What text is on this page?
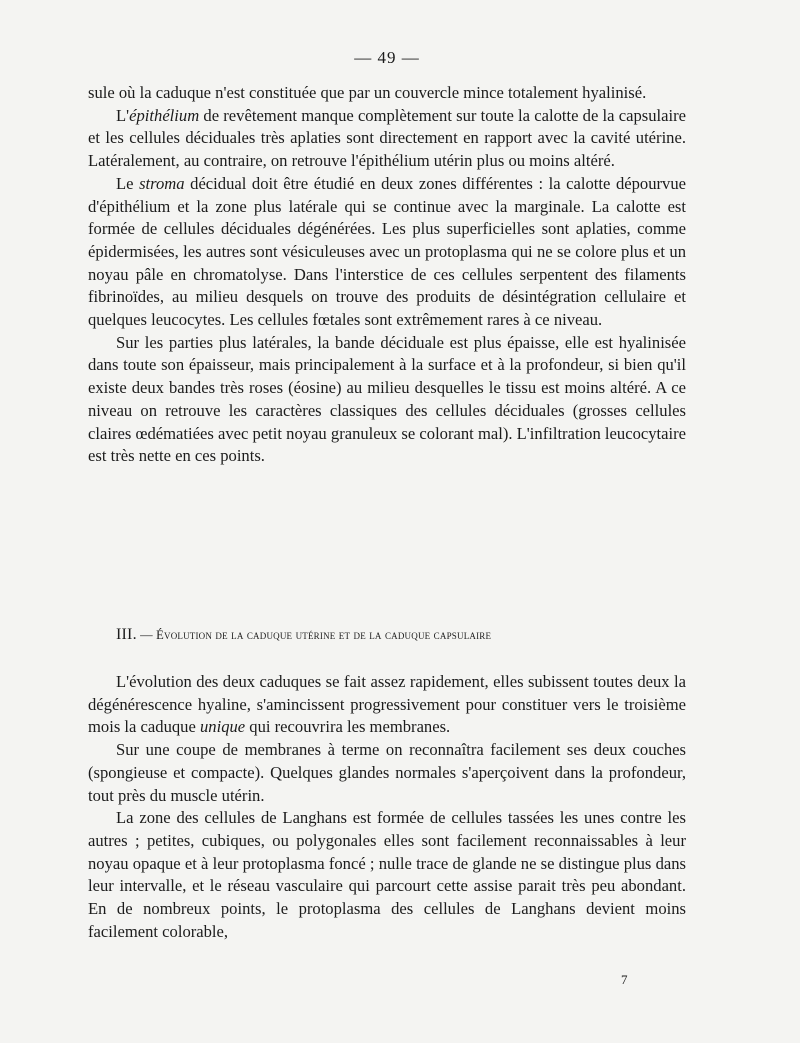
— 49 —

sule où la caduque n'est constituée que par un couvercle mince totalement hyalinisé.

L'épithélium de revêtement manque complètement sur toute la calotte de la capsulaire et les cellules déciduales très aplaties sont directement en rapport avec la cavité utérine. Latéralement, au contraire, on retrouve l'épithélium utérin plus ou moins altéré.

Le stroma décidual doit être étudié en deux zones différentes : la calotte dépourvue d'épithélium et la zone plus latérale qui se continue avec la marginale. La calotte est formée de cellules déciduales dégénérées. Les plus superficielles sont aplaties, comme épidermisées, les autres sont vésiculeuses avec un protoplasma qui ne se colore plus et un noyau pâle en chromatolyse. Dans l'interstice de ces cellules serpentent des filaments fibrinoïdes, au milieu desquels on trouve des produits de désintégration cellulaire et quelques leucocytes. Les cellules fœtales sont extrêmement rares à ce niveau.

Sur les parties plus latérales, la bande déciduale est plus épaisse, elle est hyalinisée dans toute son épaisseur, mais principalement à la surface et à la profondeur, si bien qu'il existe deux bandes très roses (éosine) au milieu desquelles le tissu est moins altéré. A ce niveau on retrouve les caractères classiques des cellules déciduales (grosses cellules claires œdématiées avec petit noyau granuleux se colorant mal). L'infiltration leucocytaire est très nette en ces points.

III. — Évolution de la caduque utérine et de la caduque capsulaire

L'évolution des deux caduques se fait assez rapidement, elles subissent toutes deux la dégénérescence hyaline, s'amincissent progressivement pour constituer vers le troisième mois la caduque unique qui recouvrira les membranes.

Sur une coupe de membranes à terme on reconnaîtra facilement ses deux couches (spongieuse et compacte). Quelques glandes normales s'aperçoivent dans la profondeur, tout près du muscle utérin.

La zone des cellules de Langhans est formée de cellules tassées les unes contre les autres ; petites, cubiques, ou polygonales elles sont facilement reconnaissables à leur noyau opaque et à leur protoplasma foncé ; nulle trace de glande ne se distingue plus dans leur intervalle, et le réseau vasculaire qui parcourt cette assise parait très peu abondant. En de nombreux points, le protoplasma des cellules de Langhans devient moins facilement colorable,

7
